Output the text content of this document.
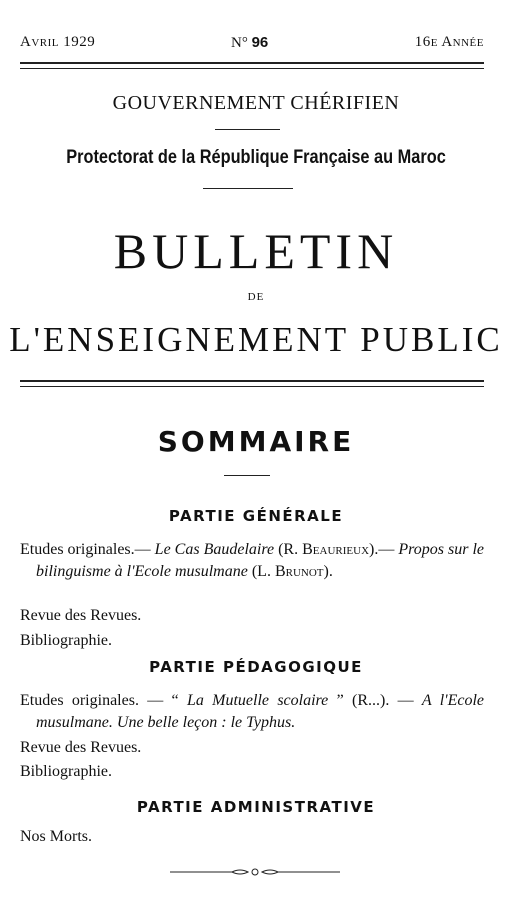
Avril 1929	N° 96	16e Année
GOUVERNEMENT CHÉRIFIEN
Protectorat de la République Française au Maroc
BULLETIN
DE
L'ENSEIGNEMENT PUBLIC
SOMMAIRE
PARTIE GÉNÉRALE
Etudes originales.— Le Cas Baudelaire (R. Beaurieux).— Propos sur le bilinguisme à l'Ecole musulmane (L. Brunot).
Revue des Revues.
Bibliographie.
PARTIE PÉDAGOGIQUE
Etudes originales. — “ La Mutuelle scolaire ” (R...). — A l'Ecole musulmane. Une belle leçon : le Typhus.
Revue des Revues.
Bibliographie.
PARTIE ADMINISTRATIVE
Nos Morts.
